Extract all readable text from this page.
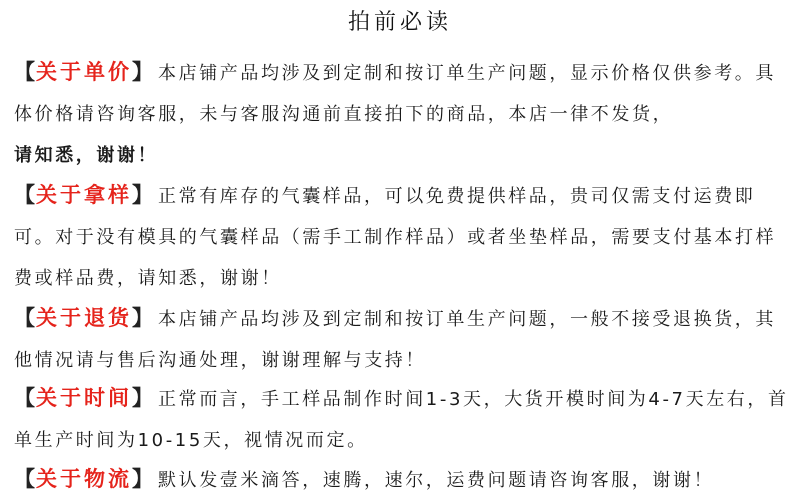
拍前必读
【关于单价】 本店铺产品均涉及到定制和按订单生产问题，显示价格仅供参考。具体价格请咨询客服，未与客服沟通前直接拍下的商品，本店一律不发货，
请知悉，谢谢！
【关于拿样】 正常有库存的气囊样品，可以免费提供样品，贵司仅需支付运费即可。对于没有模具的气囊样品（需手工制作样品）或者坐垫样品，需要支付基本打样费或样品费，请知悉，谢谢！
【关于退货】 本店铺产品均涉及到定制和按订单生产问题，一般不接受退换货，其他情况请与售后沟通处理，谢谢理解与支持！
【关于时间】 正常而言，手工样品制作时间1-3天，大货开模时间为4-7天左右，首单生产时间为10-15天，视情况而定。
【关于物流】 默认发壹米滴答，速腾，速尔，运费问题请咨询客服，谢谢！
